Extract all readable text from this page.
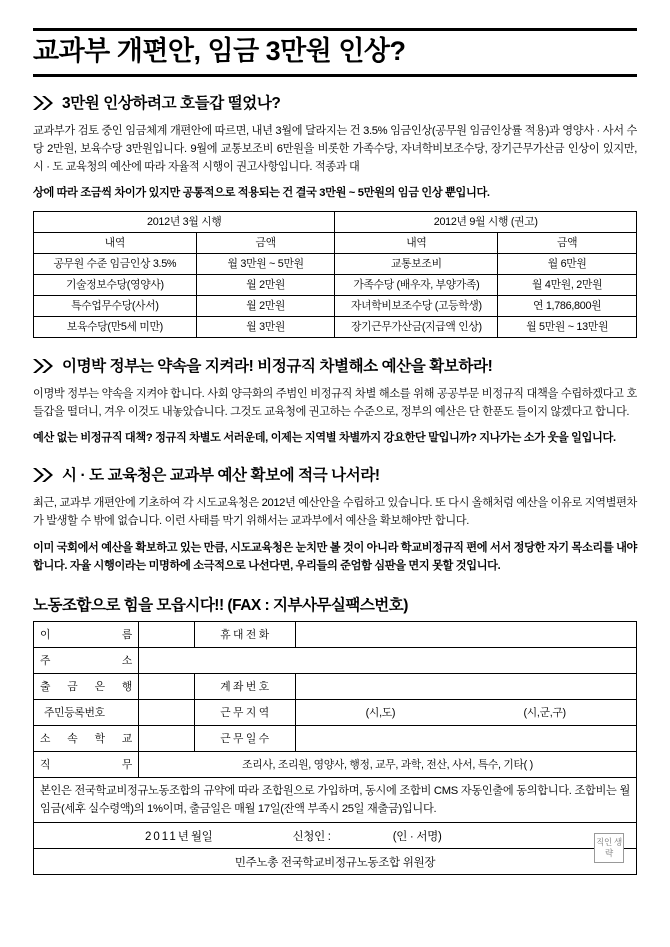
교과부 개편안, 임금 3만원 인상?
3만원 인상하려고 호들갑 떨었나?

교과부가 검토 중인 임금체계 개편안에 따르면, 내년 3월에 달라지는 건 3.5% 임금인상(공무원 임금인상률 적용)과 영양사 · 사서 수당 2만원, 보육수당 3만원입니다. 9월에 교통보조비 6만원을 비롯한 가족수당, 자녀학비보조수당, 장기근무가산금 인상이 있지만, 시 · 도 교육청의 예산에 따라 자율적 시행이 권고사항입니다. 적종과 대

상에 따라 조금씩 차이가 있지만 공통적으로 적용되는 건 결국 3만원 ~ 5만원의 임금 인상 뿐입니다.

2012년 3월 시행		2012년 9월 시행 (권고)	
내역	금액	내역	금액
공무원 수준 임금인상 3.5%	월 3만원 ~ 5만원	교통보조비	월 6만원
기술정보수당(영양사)	월 2만원	가족수당 (배우자, 부양가족)	월 4만원, 2만원
특수업무수당(사서)	월 2만원	자녀학비보조수당 (고등학생)	연 1,786,800원
보육수당(만5세 미만)	월 3만원	장기근무가산금(지급액 인상)	월 5만원 ~ 13만원
이명박 정부는 약속을 지켜라! 비정규직 차별해소 예산을 확보하라!

이명박 정부는 약속을 지켜야 합니다. 사회 양극화의 주범인 비정규직 차별 해소를 위해 공공부문 비정규직 대책을 수립하겠다고 호들갑을 떨더니, 겨우 이것도 내놓았습니다. 그것도 교육청에 권고하는 수준으로, 정부의 예산은 단 한푼도 들이지 않겠다고 합니다.

예산 없는 비정규직 대책? 정규직 차별도 서러운데, 이제는 지역별 차별까지 강요한단 말입니까? 지나가는 소가 웃을 일입니다.

시 · 도 교육청은 교과부 예산 확보에 적극 나서라!

최근, 교과부 개편안에 기초하여 각 시도교육청은 2012년 예산안을 수립하고 있습니다. 또 다시 올해처럼 예산을 이유로 지역별편차가 발생할 수 밖에 없습니다. 이런 사태를 막기 위해서는 교과부에서 예산을 확보해야만 합니다.

이미 국회에서 예산을 확보하고 있는 만큼, 시도교육청은 눈치만 볼 것이 아니라 학교비정규직 편에 서서 정당한 자기 목소리를 내야합니다. 자율 시행이라는 미명하에 소극적으로 나선다면, 우리들의 준엄함 심판을 면지 못할 것입니다.

노동조합으로 힘을 모읍시다!! (FAX : 지부사무실팩스번호)
이 름		휴 대 전 화	
주 소			
출 금 은 행		계 좌 번 호	
주민등록번호		근 무 지 역	(시,도) (시,군,구)

소 속 학 교		근 무 일 수	
직 무	조리사, 조리원, 영양사, 행정, 교무, 과학, 전산, 사서, 특수, 기타( )		
본인은 전국학교비정규노동조합의 규약에 따라 조합원으로 가입하며, 동시에 조합비 CMS 자동인출에 동의합니다. 조합비는 월 임금(세후 실수령액)의 1%이며, 출금일은 매월 17일(잔액 부족시 25일 재출금)입니다.			

2011년 월 일 신청인 : (인 · 서명)			

민주노총 전국학교비정규노동조합 위원장
직인 생략			
